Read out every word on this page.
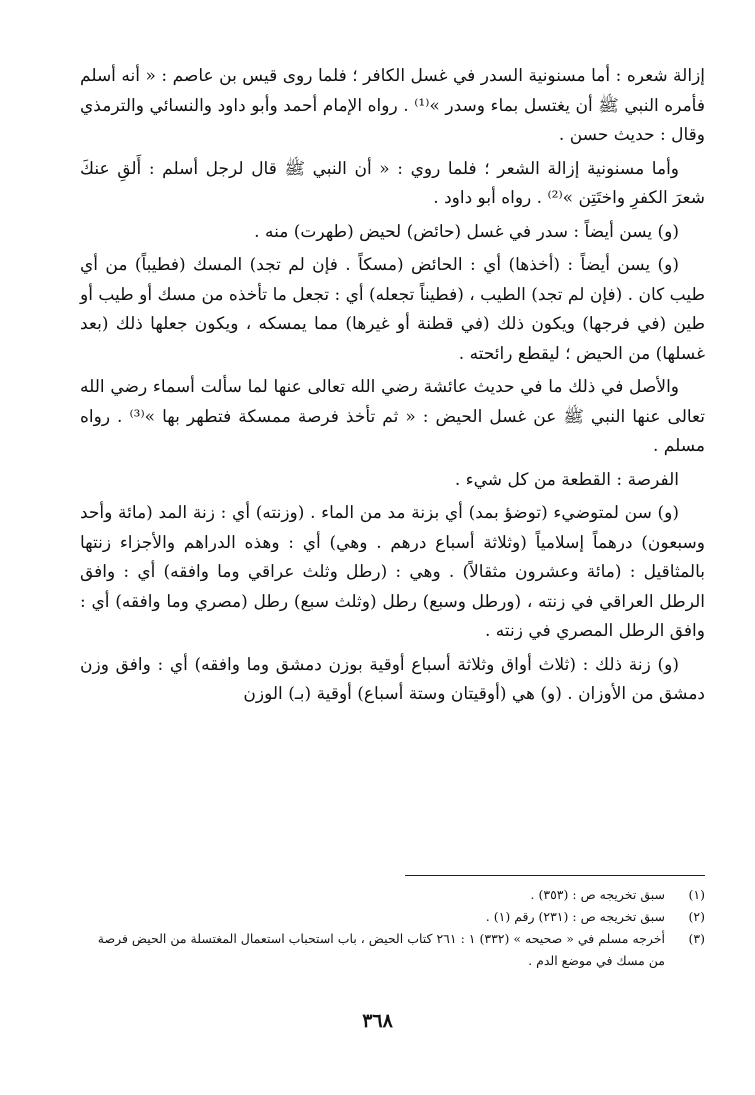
إزالة شعره : أما مسنونية السدر في غسل الكافر ؛ فلما روى قيس بن عاصم : « أنه أسلم فأمره النبي ﷺ أن يغتسل بماء وسدر »⁽¹⁾ . رواه الإمام أحمد وأبو داود والنسائي والترمذي وقال : حديث حسن .

وأما مسنونية إزالة الشعر ؛ فلما روي : « أن النبي ﷺ قال لرجل أسلم : أَلقِ عنكَ شعرَ الكفرِ واختَتِن »⁽²⁾ . رواه أبو داود .

(و) يسن أيضاً : سدر في غسل (حائض) لحيض (طهرت) منه .

(و) يسن أيضاً : (أخذها) أي : الحائض (مسكاً . فإن لم تجد) المسك (فطيباً) من أي طيب كان . (فإن لم تجد) الطيب ، (فطيناً تجعله) أي : تجعل ما تأخذه من مسك أو طيب أو طين (في فرجها) ويكون ذلك (في قطنة أو غيرها) مما يمسكه ، ويكون جعلها ذلك (بعد غسلها) من الحيض ؛ ليقطع رائحته .

والأصل في ذلك ما في حديث عائشة رضي الله تعالى عنها لما سألت أسماء رضي الله تعالى عنها النبي ﷺ عن غسل الحيض : « ثم تأخذ فرصة ممسكة فتطهر بها »⁽³⁾ . رواه مسلم .

الفرصة : القطعة من كل شيء .

(و) سن لمتوضيء (توضؤ بمد) أي بزنة مد من الماء . (وزنته) أي : زنة المد (مائة وأحد وسبعون) درهماً إسلامياً (وثلاثة أسباع درهم . وهي) أي : وهذه الدراهم والأجزاء زنتها بالمثاقيل : (مائة وعشرون مثقالاً) . وهي : (رطل وثلث عراقي وما وافقه) أي : وافق الرطل العراقي في زنته ، (ورطل وسبع) رطل (وثلث سبع) رطل (مصري وما وافقه) أي : وافق الرطل المصري في زنته .

(و) زنة ذلك : (ثلاث أواق وثلاثة أسباع أوقية بوزن دمشق وما وافقه) أي : وافق وزن دمشق من الأوزان . (و) هي (أوقيتان وستة أسباع) أوقية (بـ) الوزن

(١)
سبق تخريجه ص : (٣٥٣) .
(٢)
سبق تخريجه ص : (٢٣١) رقم (١) .
(٣)
أخرجه مسلم في « صحيحه » (٣٣٢) ١ : ٢٦١ كتاب الحيض ، باب استحباب استعمال المغتسلة من الحيض فرصة من مسك في موضع الدم .
٣٦٨
